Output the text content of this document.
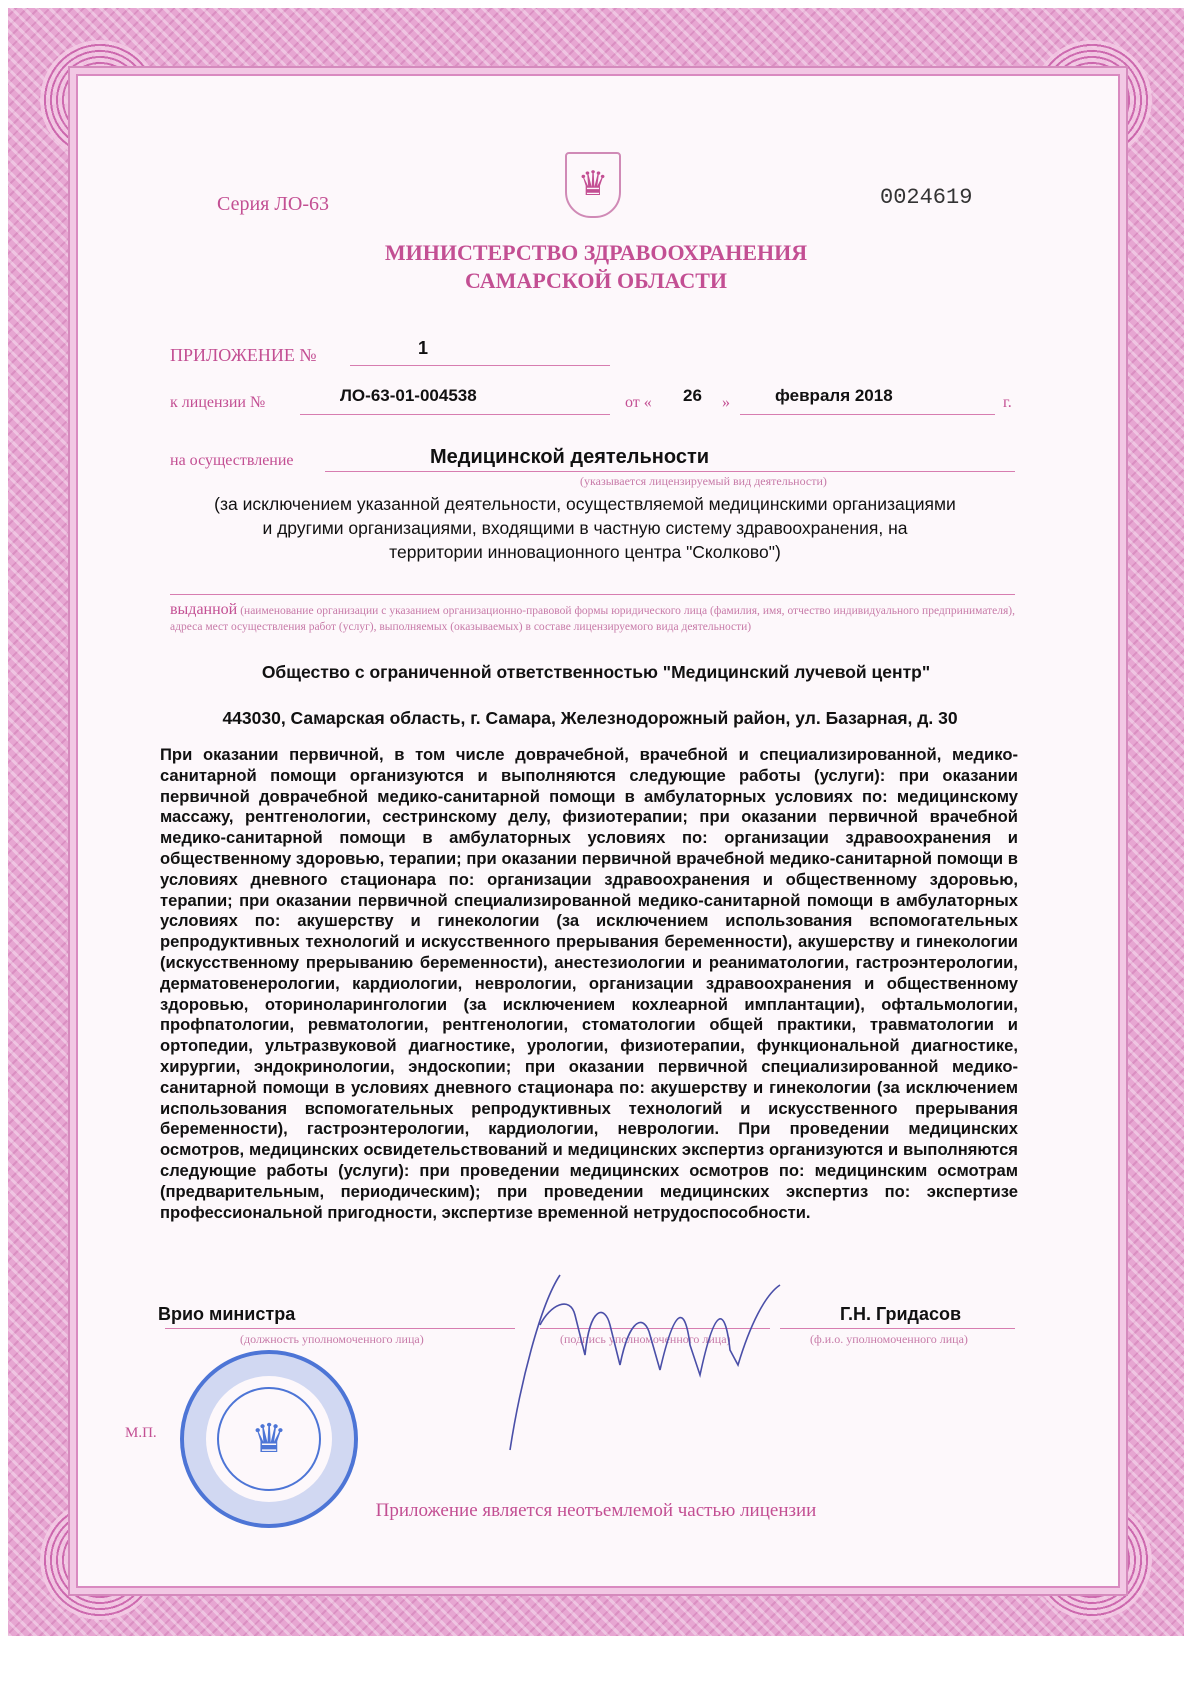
♛
Серия ЛО-63	0024619
МИНИСТЕРСТВО ЗДРАВООХРАНЕНИЯ
САМАРСКОЙ ОБЛАСТИ
ПРИЛОЖЕНИЕ №	1
к лицензии №	ЛО-63-01-004538	от « 26 »	февраля 2018	г.
на осуществление	Медицинской деятельности
(указывается лицензируемый вид деятельности)
(за исключением указанной деятельности, осуществляемой медицинскими организациями
и другими организациями, входящими в частную систему здравоохранения, на
территории инновационного центра "Сколково")
выданной (наименование организации с указанием организационно-правовой формы юридического лица (фамилия, имя, отчество индивидуального предпринимателя), адреса мест осуществления работ (услуг), выполняемых (оказываемых) в составе лицензируемого вида деятельности)
Общество с ограниченной ответственностью "Медицинский лучевой центр"
443030, Самарская область, г. Самара, Железнодорожный район, ул. Базарная, д. 30
При оказании первичной, в том числе доврачебной, врачебной и специализированной, медико-санитарной помощи организуются и выполняются следующие работы (услуги): при оказании первичной доврачебной медико-санитарной помощи в амбулаторных условиях по: медицинскому массажу, рентгенологии, сестринскому делу, физиотерапии; при оказании первичной врачебной медико-санитарной помощи в амбулаторных условиях по: организации здравоохранения и общественному здоровью, терапии; при оказании первичной врачебной медико-санитарной помощи в условиях дневного стационара по: организации здравоохранения и общественному здоровью, терапии; при оказании первичной специализированной медико-санитарной помощи в амбулаторных условиях по: акушерству и гинекологии (за исключением использования вспомогательных репродуктивных технологий и искусственного прерывания беременности), акушерству и гинекологии (искусственному прерыванию беременности), анестезиологии и реаниматологии, гастроэнтерологии, дерматовенерологии, кардиологии, неврологии, организации здравоохранения и общественному здоровью, оториноларингологии (за исключением кохлеарной имплантации), офтальмологии, профпатологии, ревматологии, рентгенологии, стоматологии общей практики, травматологии и ортопедии, ультразвуковой диагностике, урологии, физиотерапии, функциональной диагностике, хирургии, эндокринологии, эндоскопии; при оказании первичной специализированной медико-санитарной помощи в условиях дневного стационара по: акушерству и гинекологии (за исключением использования вспомогательных репродуктивных технологий и искусственного прерывания беременности), гастроэнтерологии, кардиологии, неврологии. При проведении медицинских осмотров, медицинских освидетельствований и медицинских экспертиз организуются и выполняются следующие работы (услуги): при проведении медицинских осмотров по: медицинским осмотрам (предварительным, периодическим); при проведении медицинских экспертиз по: экспертизе профессиональной пригодности, экспертизе временной нетрудоспособности.
♛
Врио министра	Г.Н. Гридасов
(должность уполномоченного лица)	(подпись уполномоченного лица)	(ф.и.о. уполномоченного лица)
М.П.
Приложение является неотъемлемой частью лицензии
